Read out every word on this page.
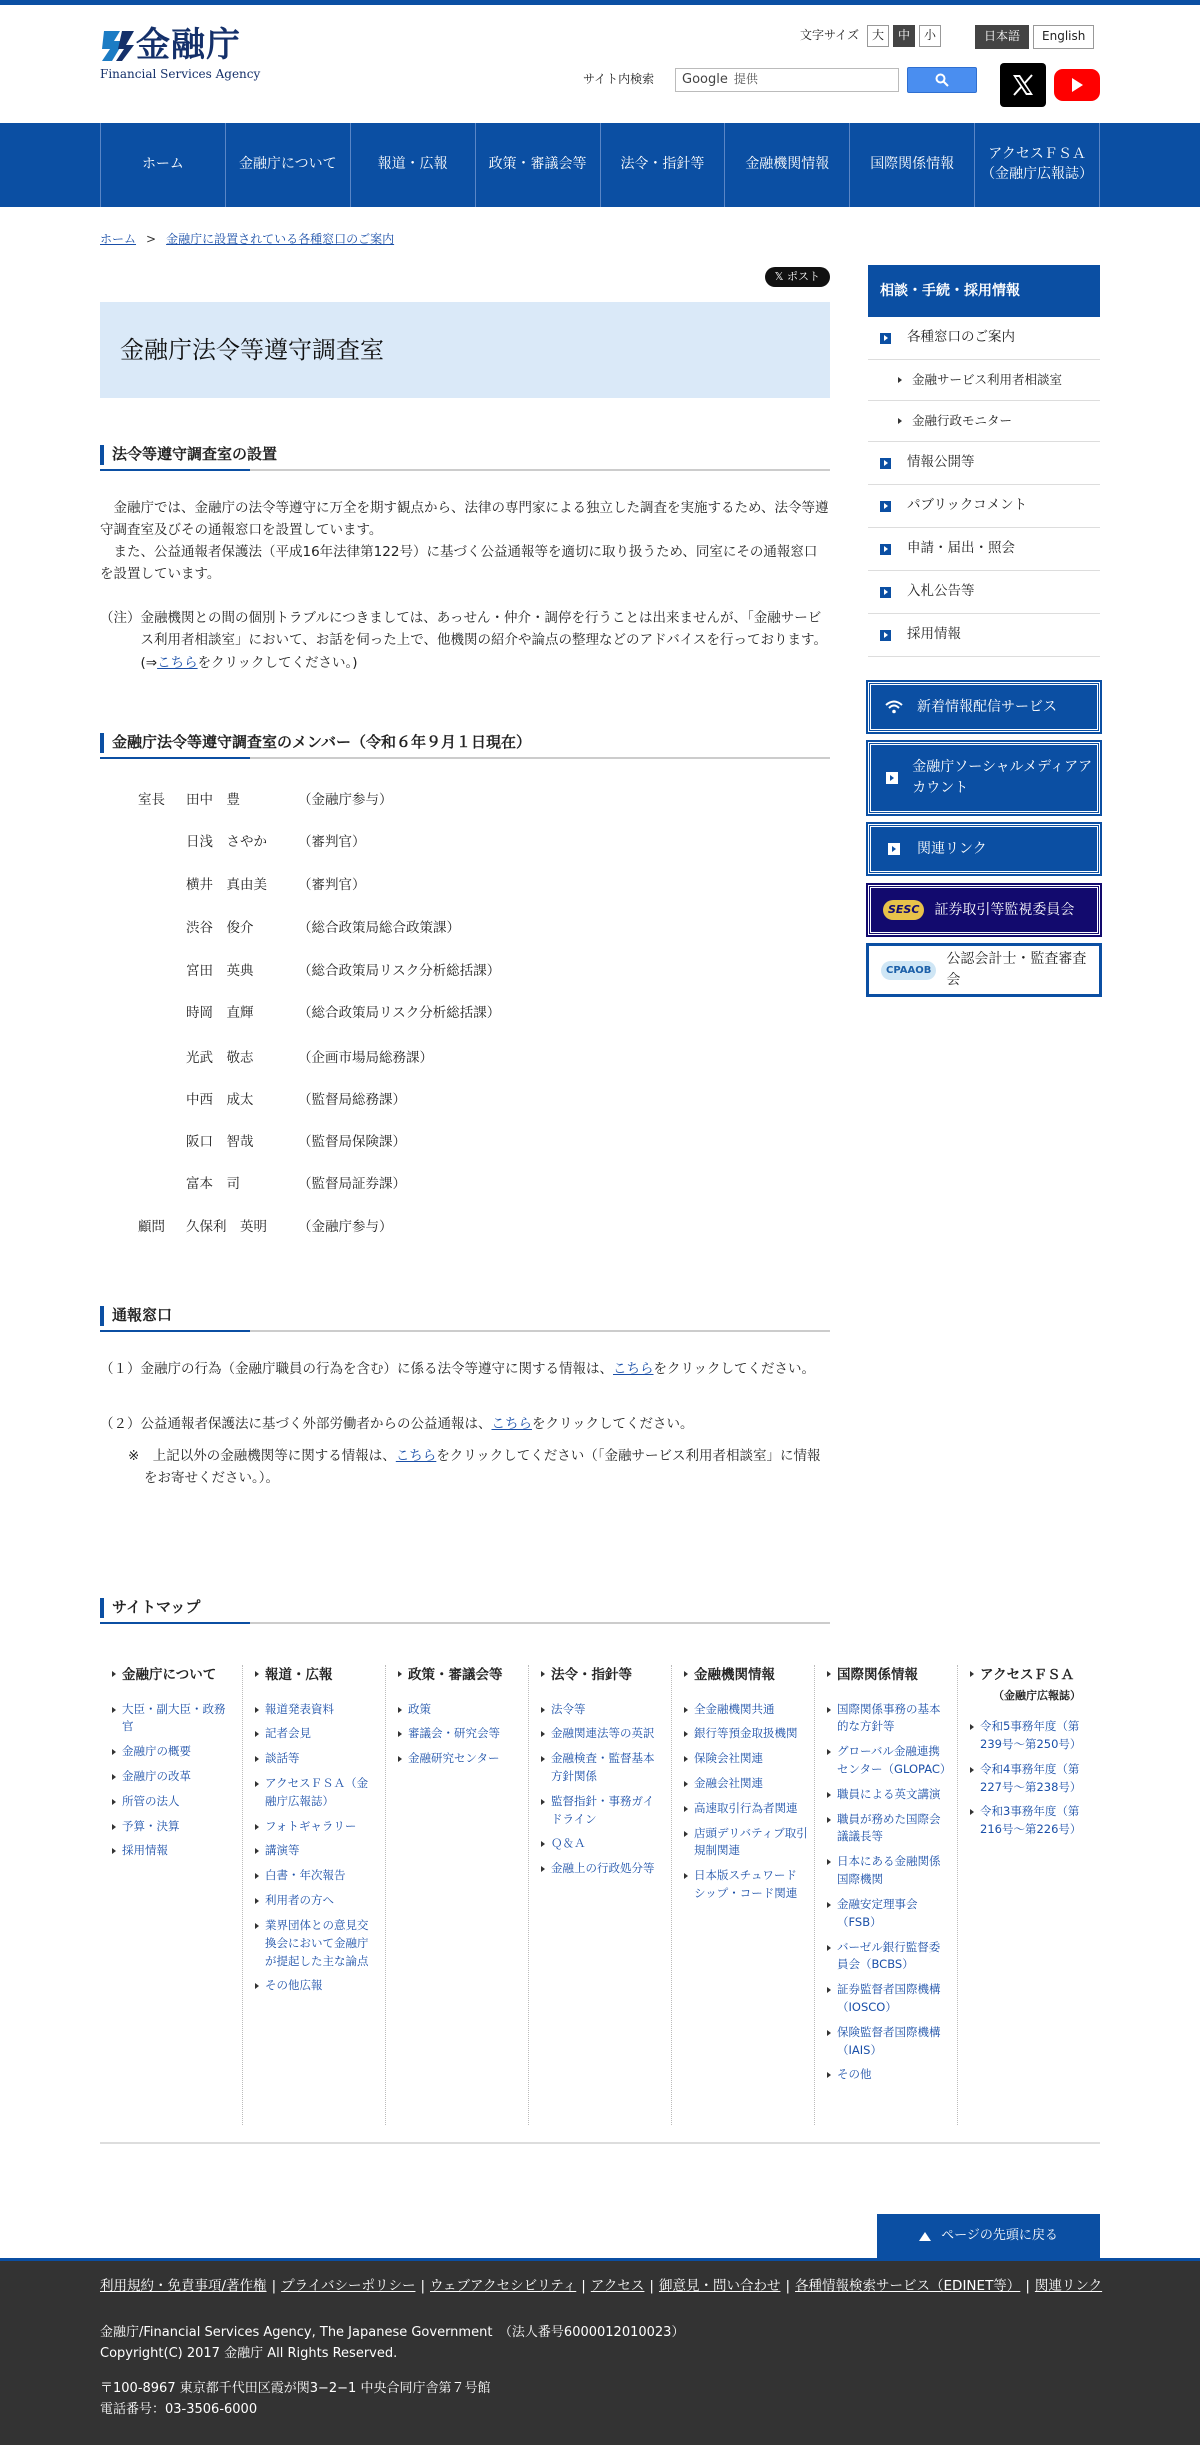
金融庁
Financial Services Agency
文字サイズ	大	中	小	日本語	English
サイト内検索	Google 提供
ホーム	金融庁について	報道・広報	政策・審議会等	法令・指針等	金融機関情報	国際関係情報
アクセスＦＳＡ
（金融庁広報誌）
ホーム > 金融庁に設置されている各種窓口のご案内
𝕏 ポスト
金融庁法令等遵守調査室
法令等遵守調査室の設置
金融庁では、金融庁の法令等遵守に万全を期す観点から、法律の専門家による独立した調査を実施するため、法令等遵守調査室及びその通報窓口を設置しています。
また、公益通報者保護法（平成16年法律第122号）に基づく公益通報等を適切に取り扱うため、同室にその通報窓口を設置しています。
（注）金融機関との間の個別トラブルにつきましては、あっせん・仲介・調停を行うことは出来ませんが、「金融サービス利用者相談室」において、お話を伺った上で、他機関の紹介や論点の整理などのアドバイスを行っております。(⇒こちらをクリックしてください。)
金融庁法令等遵守調査室のメンバー（令和６年９月１日現在）
室長	田中　豊	（金融庁参与）
日浅　さやか	（審判官）
横井　真由美	（審判官）
渋谷　俊介	（総合政策局総合政策課）
宮田　英典	（総合政策局リスク分析総括課）
時岡　直輝	（総合政策局リスク分析総括課）
光武　敬志	（企画市場局総務課）
中西　成太	（監督局総務課）
阪口　智哉	（監督局保険課）
富本　司	（監督局証券課）
顧問	久保利　英明	（金融庁参与）
通報窓口
（１）金融庁の行為（金融庁職員の行為を含む）に係る法令等遵守に関する情報は、こちらをクリックしてください。
（２）公益通報者保護法に基づく外部労働者からの公益通報は、こちらをクリックしてください。
※　上記以外の金融機関等に関する情報は、こちらをクリックしてください（「金融サービス利用者相談室」に情報をお寄せください。）。
相談・手続・採用情報
各種窓口のご案内
金融サービス利用者相談室
金融行政モニター
情報公開等
パブリックコメント
申請・届出・照会
入札公告等
採用情報
新着情報配信サービス
金融庁ソーシャルメディアアカウント
関連リンク
SESC	証券取引等監視委員会
CPAAOB
公認会計士・監査審査会
サイトマップ
金融庁について
大臣・副大臣・政務官
金融庁の概要
金融庁の改革
所管の法人
予算・決算
採用情報
報道・広報
報道発表資料
記者会見
談話等
アクセスＦＳＡ（金融庁広報誌）
フォトギャラリー
講演等
白書・年次報告
利用者の方へ
業界団体との意見交換会において金融庁が提起した主な論点
その他広報
政策・審議会等
政策
審議会・研究会等
金融研究センター
法令・指針等
法令等
金融関連法等の英訳
金融検査・監督基本方針関係
監督指針・事務ガイドライン
Ｑ＆Ａ
金融上の行政処分等
金融機関情報
全金融機関共通
銀行等預金取扱機関
保険会社関連
金融会社関連
高速取引行為者関連
店頭デリバティブ取引規制関連
日本版スチュワードシップ・コード関連
国際関係情報
国際関係事務の基本的な方針等
グローバル金融連携センター（GLOPAC）
職員による英文講演
職員が務めた国際会議議長等
日本にある金融関係国際機関
金融安定理事会（FSB）
バーゼル銀行監督委員会（BCBS）
証券監督者国際機構（IOSCO）
保険監督者国際機構（IAIS）
その他
アクセスＦＳＡ
（金融庁広報誌）
令和5事務年度（第239号〜第250号）
令和4事務年度（第227号〜第238号）
令和3事務年度（第216号〜第226号）
ページの先頭に戻る
利用規約・免責事項/著作権 | プライバシーポリシー | ウェブアクセシビリティ | アクセス | 御意見・問い合わせ | 各種情報検索サービス（EDINET等） | 関連リンク
金融庁/Financial Services Agency, The Japanese Government　（法人番号6000012010023）
Copyright(C) 2017 金融庁 All Rights Reserved.
〒100-8967 東京都千代田区霞が関3−2−1 中央合同庁舎第７号館
電話番号：03-3506-6000
